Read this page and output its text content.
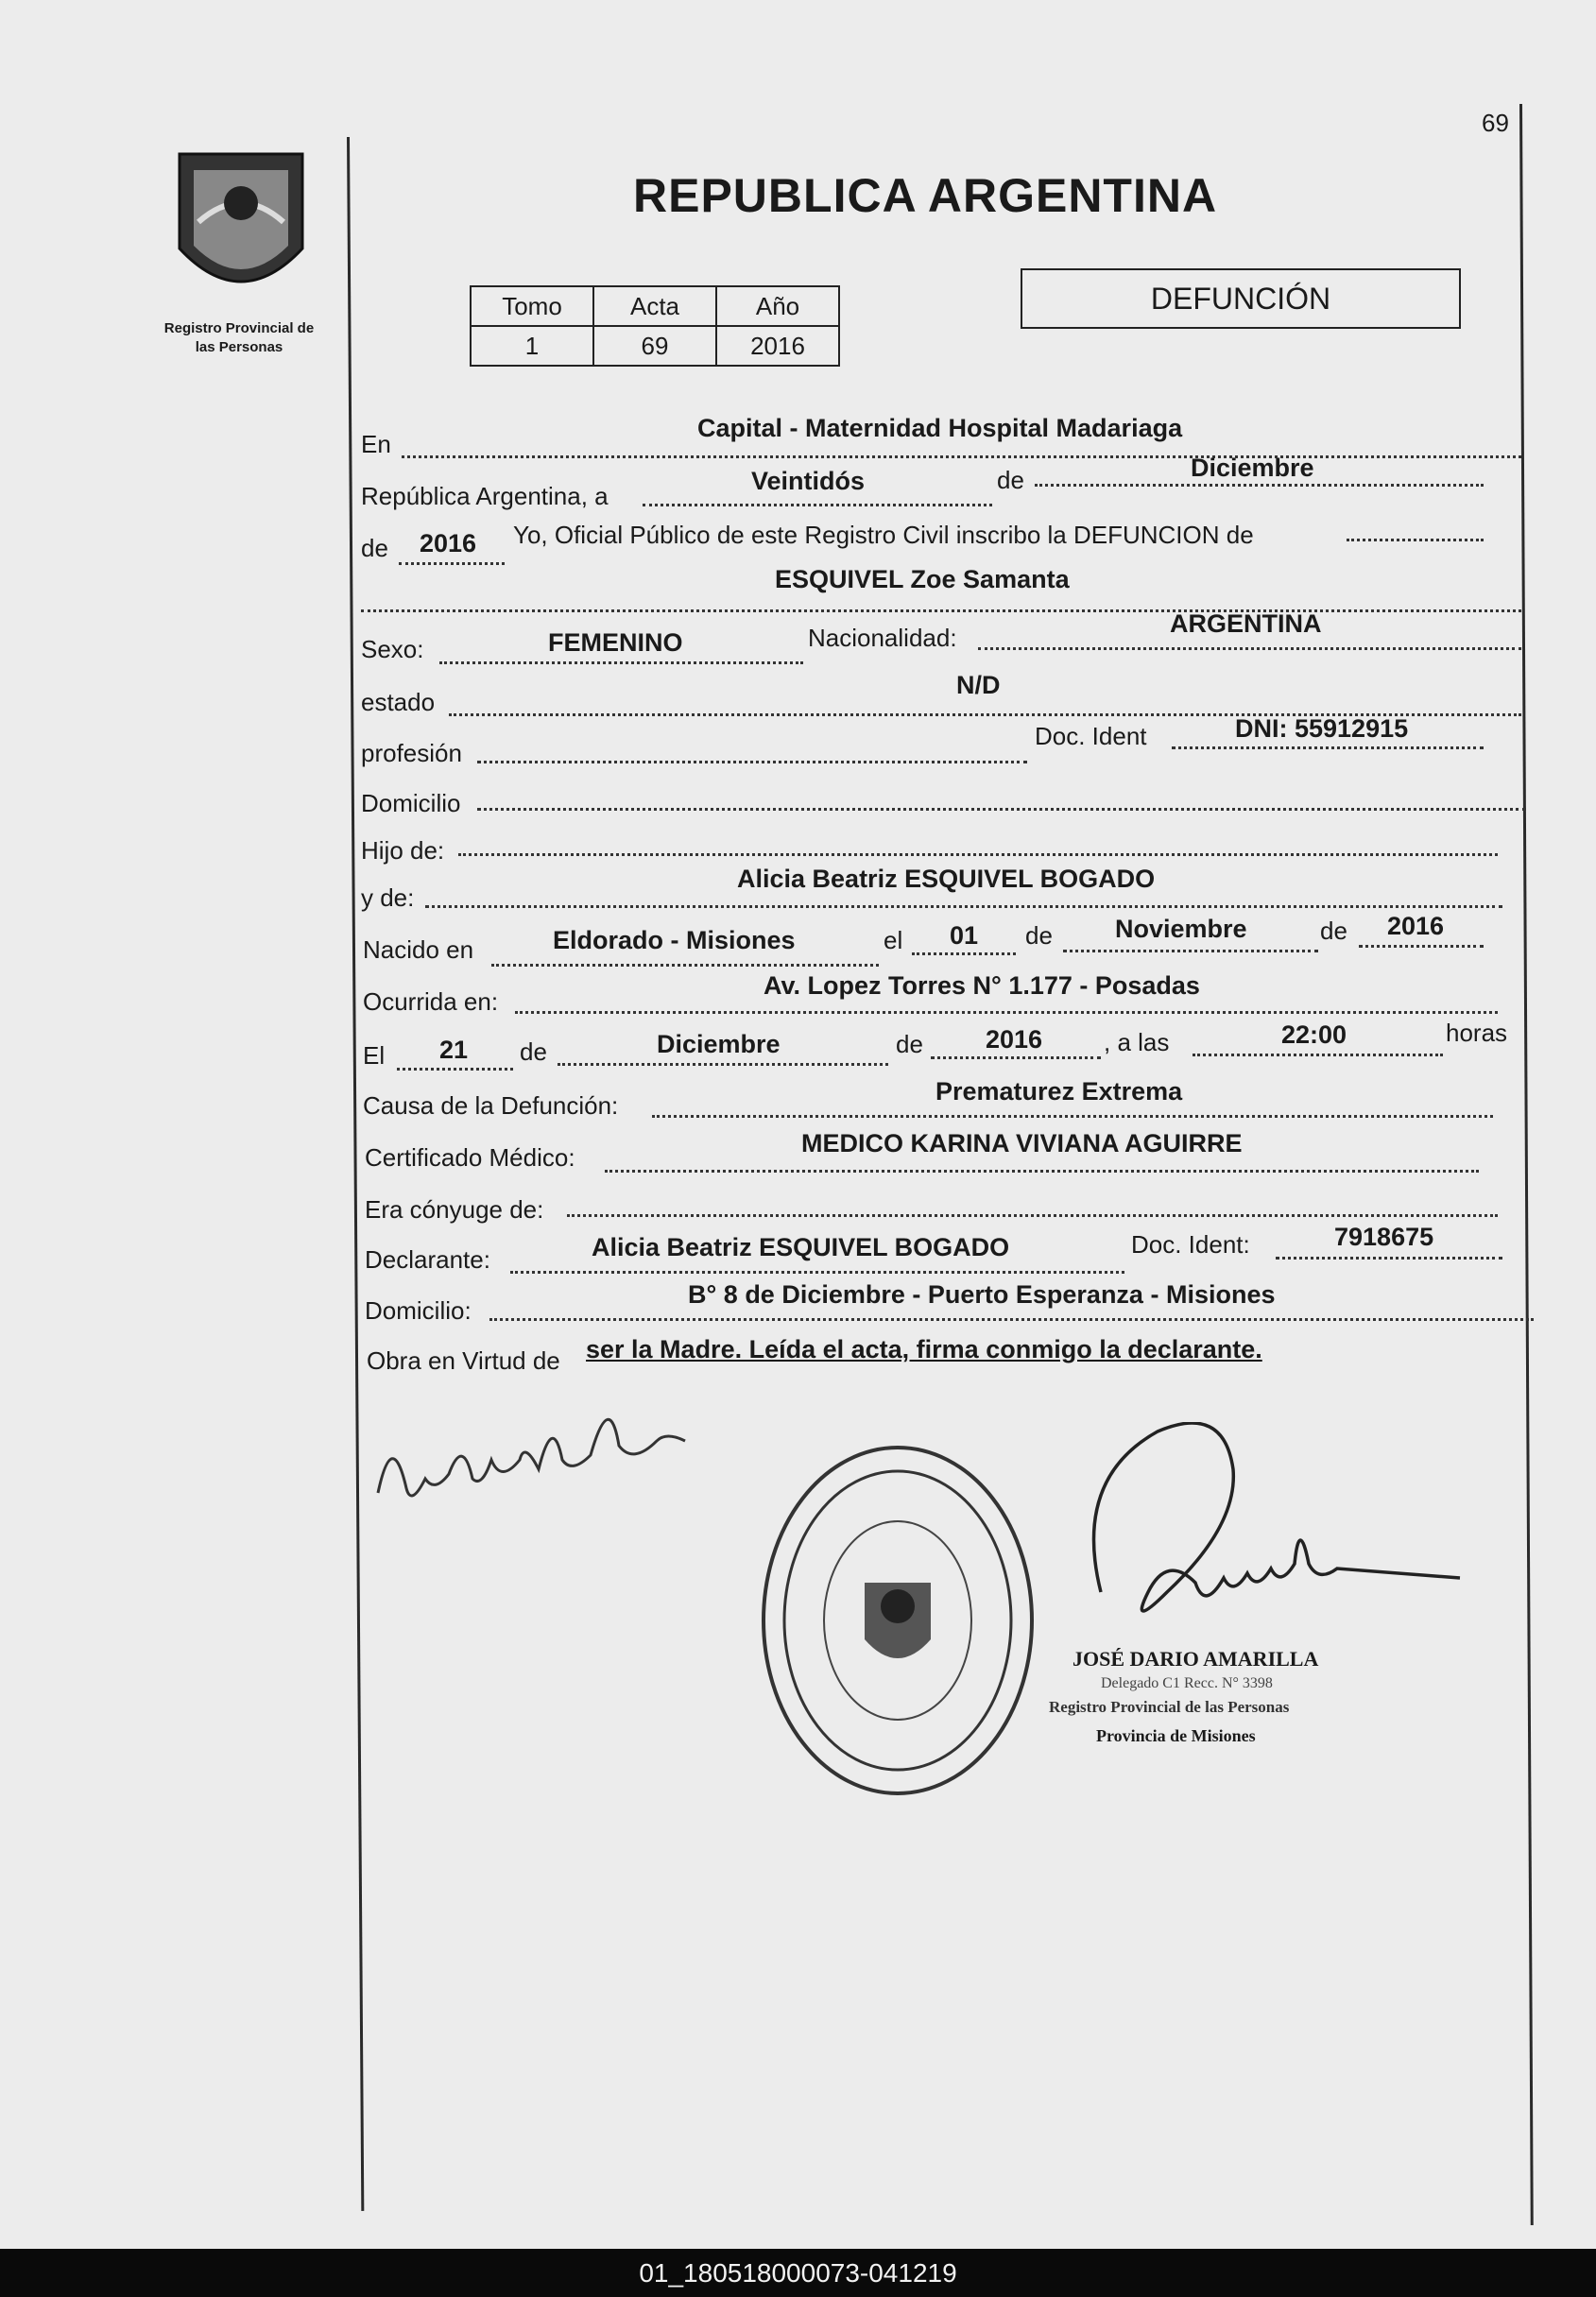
69
Registro Provincial de
las Personas
REPUBLICA ARGENTINA
Tomo	Acta	Año
1	69	2016
DEFUNCIÓN
En
Capital - Maternidad Hospital Madariaga
República Argentina, a
Veintidós	de	Diciembre
de 2016 Yo, Oficial Público de este Registro Civil inscribo la DEFUNCION de
ESQUIVEL Zoe Samanta
Sexo:	FEMENINO	Nacionalidad:	ARGENTINA
estado
N/D
profesión
Doc. Ident	DNI: 55912915
Domicilio
Hijo de:
y de:
Alicia Beatriz ESQUIVEL BOGADO
Nacido en	Eldorado - Misiones	el 01 de Noviembre	de 2016
Ocurrida en:
Av. Lopez Torres N° 1.177 - Posadas
El 21 de	Diciembre	de 2016 , a las	22:00	horas
Causa de la Defunción:	Prematurez Extrema
Certificado Médico:	MEDICO KARINA VIVIANA AGUIRRE
Era cónyuge de:
Declarante:	Alicia Beatriz ESQUIVEL BOGADO	Doc. Ident:	7918675
Domicilio:
B° 8 de Diciembre - Puerto Esperanza - Misiones
Obra en Virtud de ser la Madre. Leída el acta, firma conmigo la declarante.
JOSÉ DARIO AMARILLA
Delegado C1 Recc. N° 3398
Registro Provincial de las Personas
Provincia de Misiones
01_180518000073-041219
